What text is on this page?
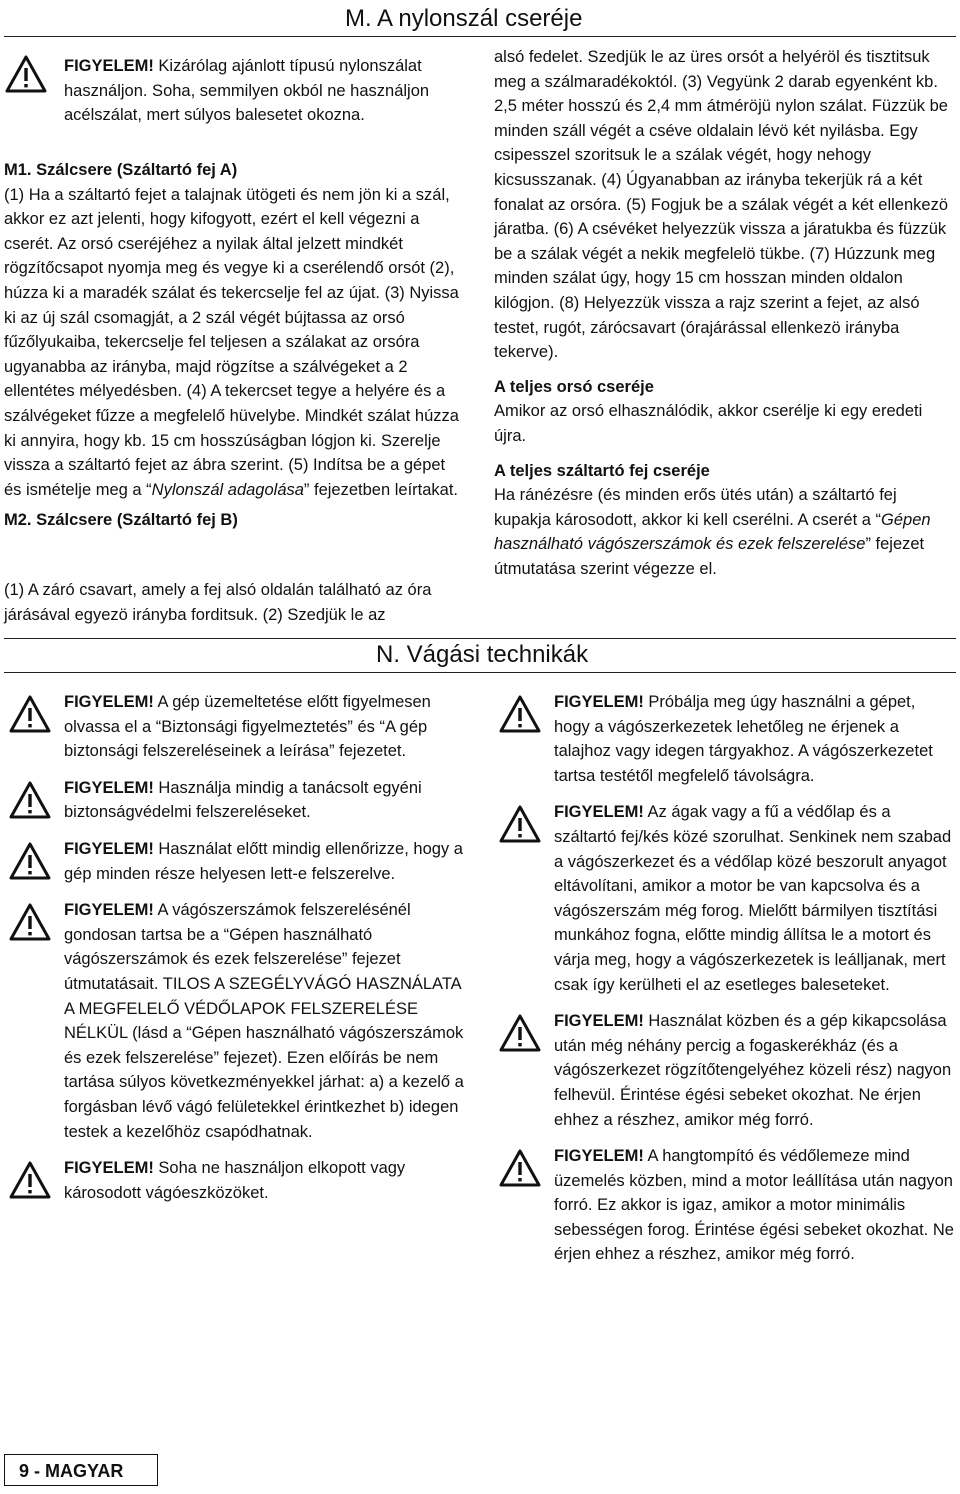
M. A nylonszál cseréje

FIGYELEM! Kizárólag ajánlott típusú nylonszálat használjon. Soha, semmilyen okból ne használjon acélszálat, mert súlyos balesetet okozna.

M1. Szálcsere (Száltartó fej A)

(1) Ha a száltartó fejet a talajnak ütögeti és nem jön ki a szál, akkor ez azt jelenti, hogy kifogyott, ezért el kell végezni a cserét. Az orsó cseréjéhez a nyilak által jelzett mindkét rögzítőcsapot nyomja meg és vegye ki a cserélendő orsót (2), húzza ki a maradék szálat és tekercselje fel az újat. (3) Nyissa ki az új szál csomagját, a 2 szál végét bújtassa az orsó fűzőlyukaiba, tekercselje fel teljesen a szálakat az orsóra ugyanabba az irányba, majd rögzítse a szálvégeket a 2 ellentétes mélyedésben. (4) A tekercset tegye a helyére és a szálvégeket fűzze a megfelelő hüvelybe. Mindkét szálat húzza ki annyira, hogy kb. 15 cm hosszúságban lógjon ki. Szerelje vissza a száltartó fejet az ábra szerint. (5) Indítsa be a gépet és ismételje meg a “Nylonszál adagolása” fejezetben leírtakat.

M2. Szálcsere (Száltartó fej B)

(1) A záró csavart, amely a fej alsó oldalán található az óra járásával egyezö irányba forditsuk. (2) Szedjük le az

alsó fedelet. Szedjük le az üres orsót a helyéröl és tisztitsuk meg a szálmaradékoktól. (3) Vegyünk 2 darab egyenként kb. 2,5 méter hosszú és 2,4 mm átméröjü nylon szálat. Füzzük be minden száll végét a cséve oldalain lévö két nyilásba. Egy csipesszel szoritsuk le a szálak végét, hogy nehogy kicsusszanak. (4) Úgyanabban az irányba tekerjük rá a két fonalat az orsóra. (5) Fogjuk be a szálak végét a két ellenkezö járatba. (6) A csévéket helyezzük vissza a járatukba és füzzük be a szálak végét a nekik megfelelö tükbe. (7) Húzzunk meg minden szálat úgy, hogy 15 cm hosszan minden oldalon kilógjon. (8) Helyezzük vissza a rajz szerint a fejet, az alsó testet, rugót, zárócsavart (órajárással ellenkezö irányba tekerve).

A teljes orsó cseréje

Amikor az orsó elhasználódik, akkor cserélje ki egy eredeti újra.

A teljes száltartó fej cseréje

Ha ránézésre (és minden erős ütés után) a száltartó fej kupakja károsodott, akkor ki kell cserélni. A cserét a “Gépen használható vágószerszámok és ezek felszerelése” fejezet útmutatása szerint végezze el.

N. Vágási technikák

FIGYELEM! A gép üzemeltetése előtt figyelmesen olvassa el a “Biztonsági figyelmeztetés” és “A gép biztonsági felszereléseinek a leírása” fejezetet.

FIGYELEM! Használja mindig a tanácsolt egyéni biztonságvédelmi felszereléseket.

FIGYELEM! Használat előtt mindig ellenőrizze, hogy a gép minden része helyesen lett-e felszerelve.

FIGYELEM! A vágószerszámok felszerelésénél gondosan tartsa be a “Gépen használható vágószerszámok és ezek felszerelése” fejezet útmutatásait. TILOS A SZEGÉLYVÁGÓ HASZNÁLATA A MEGFELELŐ VÉDŐLAPOK FELSZERELÉSE NÉLKÜL (lásd a “Gépen használható vágószerszámok és ezek felszerelése” fejezet). Ezen előírás be nem tartása súlyos következményekkel járhat: a) a kezelő a forgásban lévő vágó felületekkel érintkezhet b) idegen testek a kezelőhöz csapódhatnak.

FIGYELEM! Soha ne használjon elkopott vagy károsodott vágóeszközöket.

FIGYELEM! Próbálja meg úgy használni a gépet, hogy a vágószerkezetek lehetőleg ne érjenek a talajhoz vagy idegen tárgyakhoz. A vágószerkezetet tartsa testétől megfelelő távolságra.

FIGYELEM! Az ágak vagy a fű a védőlap és a száltartó fej/kés közé szorulhat. Senkinek nem szabad a vágószerkezet és a védőlap közé beszorult anyagot eltávolítani, amikor a motor be van kapcsolva és a vágószerszám még forog. Mielőtt bármilyen tisztítási munkához fogna, előtte mindig állítsa le a motort és várja meg, hogy a vágószerkezetek is leálljanak, mert csak így kerülheti el az esetleges baleseteket.

FIGYELEM! Használat közben és a gép kikapcsolása után még néhány percig a fogaskerékház (és a vágószerkezet rögzítőtengelyéhez közeli rész) nagyon felhevül. Érintése égési sebeket okozhat. Ne érjen ehhez a részhez, amikor még forró.

FIGYELEM! A hangtompító és védőlemeze mind üzemelés közben, mind a motor leállítása után nagyon forró. Ez akkor is igaz, amikor a motor minimális sebességen forog. Érintése égési sebeket okozhat. Ne érjen ehhez a részhez, amikor még forró.

9 - MAGYAR
